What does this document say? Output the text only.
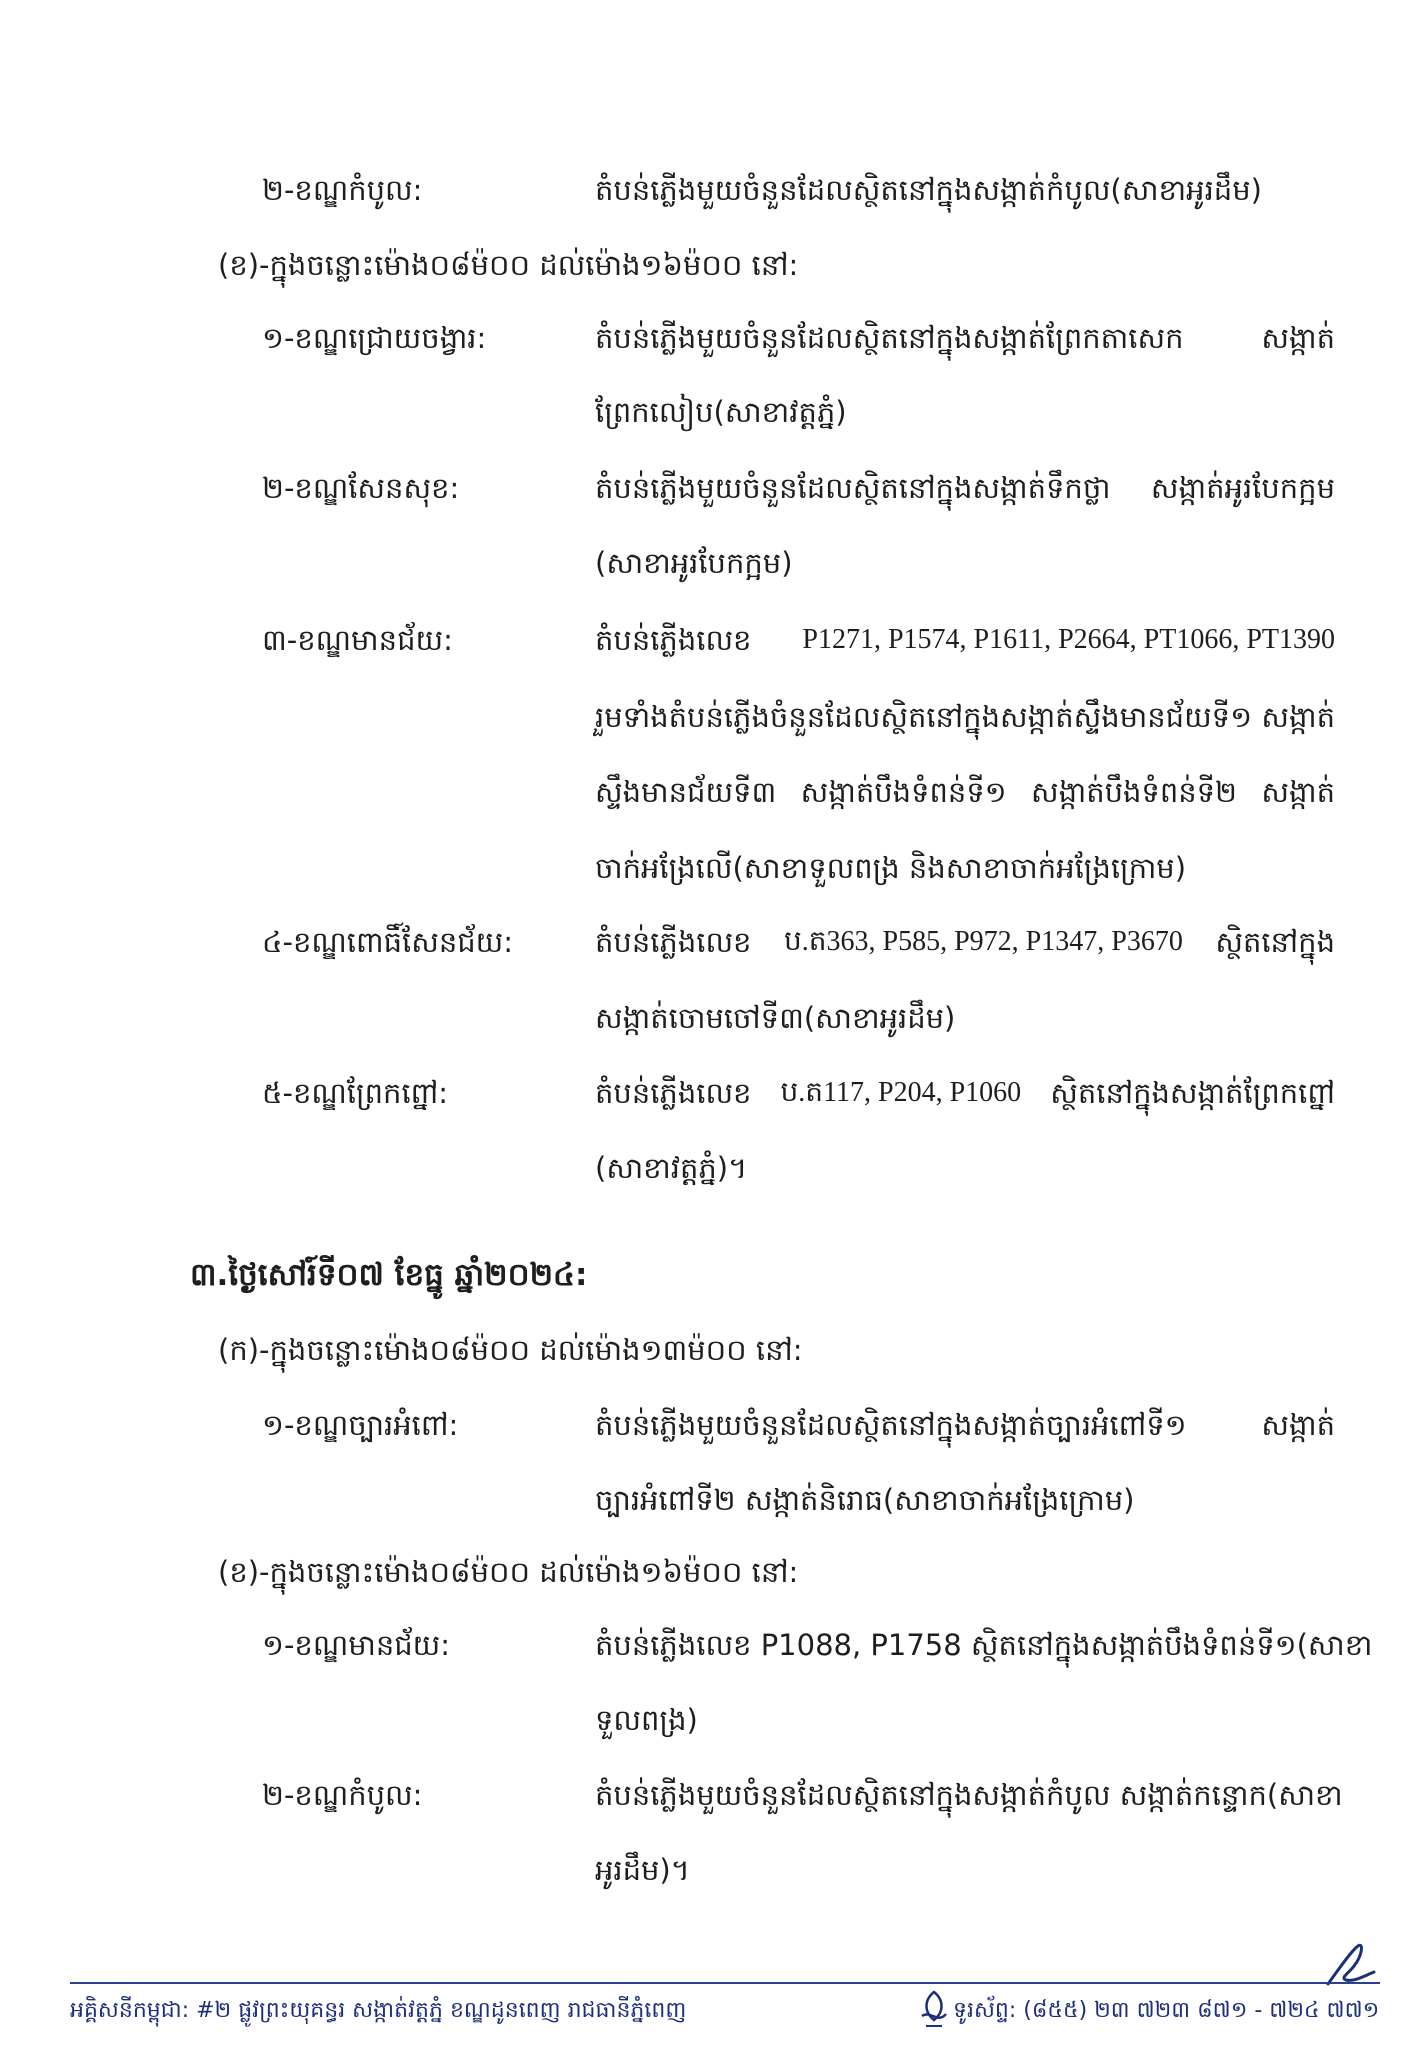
២-ខណ្ឌកំបូល:	តំបន់ភ្លើងមួយចំនួនដែលស្ថិតនៅក្នុងសង្កាត់កំបូល(សាខាអូរដឹម)
(ខ)-ក្នុងចន្លោះម៉ោង០៨ម៉០០ ដល់ម៉ោង១៦ម៉០០ នៅ:
១-ខណ្ឌជ្រោយចង្វារ:	តំបន់ភ្លើងមួយចំនួនដែលស្ថិតនៅក្នុងសង្កាត់ព្រែកតាសេក	សង្កាត់
ព្រែកលៀប(សាខាវត្តភ្នំ)
២-ខណ្ឌសែនសុខ:	តំបន់ភ្លើងមួយចំនួនដែលស្ថិតនៅក្នុងសង្កាត់ទឹកថ្លា សង្កាត់អូរបែកក្អម
(សាខាអូរបែកក្អម)
៣-ខណ្ឌមានជ័យ:	តំបន់ភ្លើងលេខ P1271, P1574, P1611, P2664, PT1066, PT1390
រួមទាំងតំបន់ភ្លើងចំនួនដែលស្ថិតនៅក្នុងសង្កាត់ស្ទឹងមានជ័យទី១ សង្កាត់
ស្ទឹងមានជ័យទី៣ សង្កាត់បឹងទំពន់ទី១ សង្កាត់បឹងទំពន់ទី២ សង្កាត់
ចាក់អង្រែលើ(សាខាទួលពង្រ និងសាខាចាក់អង្រែក្រោម)
៤-ខណ្ឌពោធិ៍សែនជ័យ:	តំបន់ភ្លើងលេខ ប.ត363, P585, P972, P1347, P3670 ស្ថិតនៅក្នុង
សង្កាត់ចោមចៅទី៣(សាខាអូរដឹម)
៥-ខណ្ឌព្រែកព្នៅ:	តំបន់ភ្លើងលេខ ប.ត117, P204, P1060 ស្ថិតនៅក្នុងសង្កាត់ព្រែកព្នៅ
(សាខាវត្តភ្នំ)។
៣.ថ្ងៃសៅរ៍ទី០៧ ខែធ្នូ ឆ្នាំ២០២៤:
(ក)-ក្នុងចន្លោះម៉ោង០៨ម៉០០ ដល់ម៉ោង១៣ម៉០០ នៅ:
១-ខណ្ឌច្បារអំពៅ:	តំបន់ភ្លើងមួយចំនួនដែលស្ថិតនៅក្នុងសង្កាត់ច្បារអំពៅទី១	សង្កាត់
ច្បារអំពៅទី២ សង្កាត់និរោធ(សាខាចាក់អង្រែក្រោម)
(ខ)-ក្នុងចន្លោះម៉ោង០៨ម៉០០ ដល់ម៉ោង១៦ម៉០០ នៅ:
១-ខណ្ឌមានជ័យ:	តំបន់ភ្លើងលេខ P1088, P1758 ស្ថិតនៅក្នុងសង្កាត់បឹងទំពន់ទី១(សាខា
ទួលពង្រ)
២-ខណ្ឌកំបូល:	តំបន់ភ្លើងមួយចំនួនដែលស្ថិតនៅក្នុងសង្កាត់កំបូល សង្កាត់កន្ទោក(សាខា
អូរដឹម)។
អគ្គិសនីកម្ពុជា: #២ ផ្លូវព្រះយុគន្ធរ សង្កាត់វត្តភ្នំ ខណ្ឌដូនពេញ រាជធានីភ្នំពេញ	ទូរស័ព្ទ: (៨៥៥) ២៣ ៧២៣ ៨៧១ - ៧២៤ ៧៧១
